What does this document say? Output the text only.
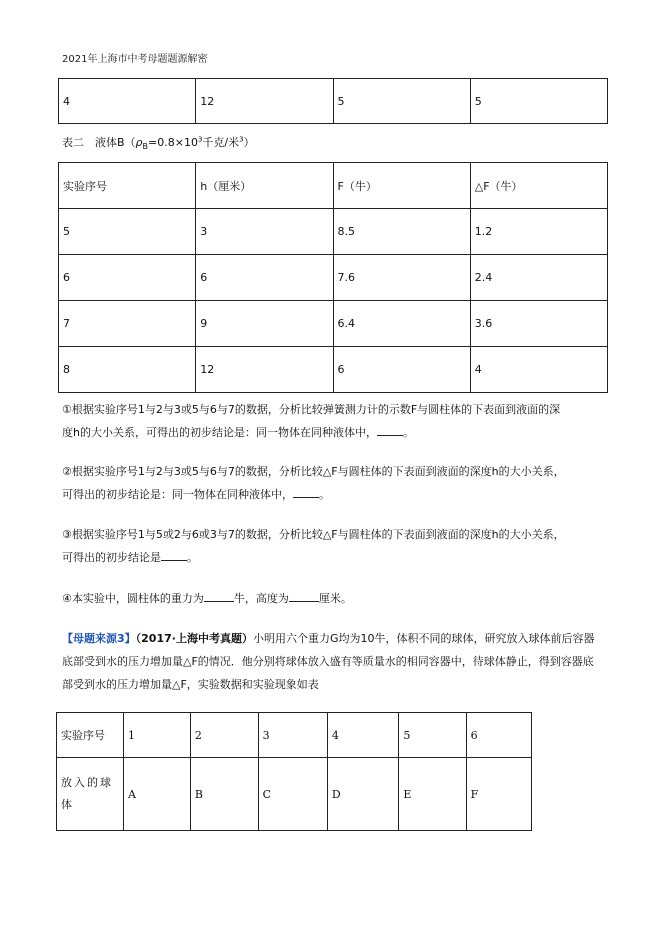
2021年上海市中考母题题源解密
4	12	5	5
表二　液体$B(\rho_B=0.8\times 10^3$千克/米$^3$）
实验序号	h（厘米）	F（牛）	△F（牛）
5	3	8.5	1.2
6	6	7.6	2.4
7	9	6.4	3.6
8	12	6	4
①根据实验序号1与2与3或5与6与7的数据，分析比较弹簧测力计的示数F与圆柱体的下表面到液面的深
度h的大小关系，可得出的初步结论是：同一物体在同种液体中， 。
②根据实验序号1与2与3或5与6与7的数据，分析比较△F与圆柱体的下表面到液面的深度h的大小关系，
可得出的初步结论是：同一物体在同种液体中， 。
③根据实验序号1与5或2与6或3与7的数据，分析比较△F与圆柱体的下表面到液面的深度h的大小关系，
可得出的初步结论是 。
④本实验中，圆柱体的重力为	牛，高度为	厘米。
【母题来源3】（2017·上海中考真题）小明用六个重力G均为10牛，体积不同的球体，研究放入球体前后容器
底部受到水的压力增加量△F的情况．他分别将球体放入盛有等质量水的相同容器中，待球体静止，得到容器底
部受到水的压力增加量△F，实验数据和实验现象如表
实验序号	1	2	3	4	5	6
放入的球体	A	B	C	D	E	F
